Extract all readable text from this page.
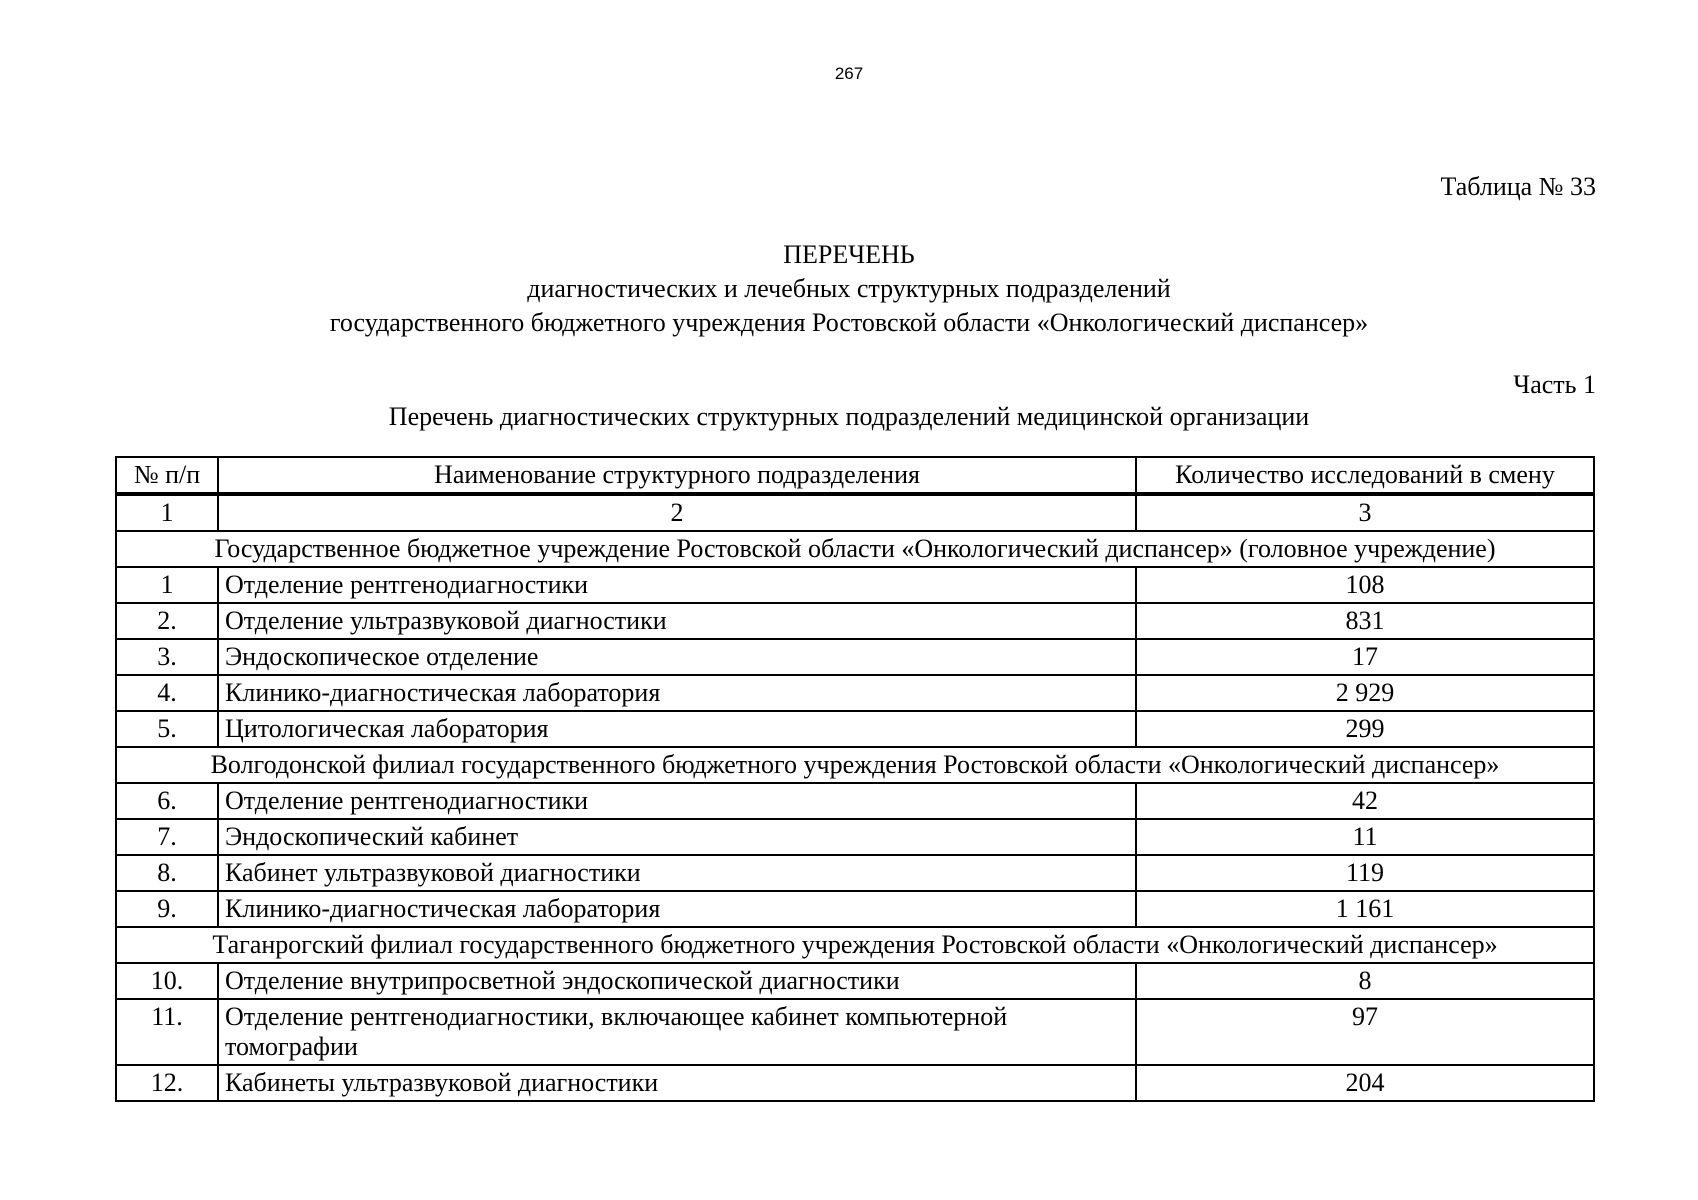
267
Таблица № 33
ПЕРЕЧЕНЬ
диагностических и лечебных структурных подразделений
государственного бюджетного учреждения Ростовской области «Онкологический диспансер»
Часть 1
Перечень диагностических структурных подразделений медицинской организации
№ п/п	Наименование структурного подразделения	Количество исследований в смену
1	2	3
Государственное бюджетное учреждение Ростовской области «Онкологический диспансер» (головное учреждение)		
1	Отделение рентгенодиагностики	108
2.	Отделение ультразвуковой диагностики	831
3.	Эндоскопическое отделение	17
4.	Клинико-диагностическая лаборатория	2 929
5.	Цитологическая лаборатория	299
Волгодонской филиал государственного бюджетного учреждения Ростовской области «Онкологический диспансер»		
6.	Отделение рентгенодиагностики	42
7.	Эндоскопический кабинет	11
8.	Кабинет ультразвуковой диагностики	119
9.	Клинико-диагностическая лаборатория	1 161
Таганрогский филиал государственного бюджетного учреждения Ростовской области «Онкологический диспансер»		
10.	Отделение внутрипросветной эндоскопической диагностики	8
11.	Отделение рентгенодиагностики, включающее кабинет компьютерной томографии	97
12.	Кабинеты ультразвуковой диагностики	204
